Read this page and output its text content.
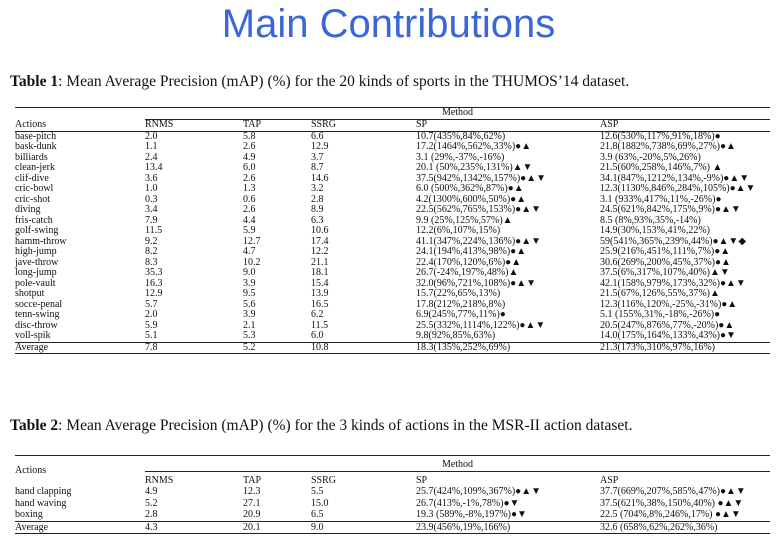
Main Contributions
Table 1: Mean Average Precision (mAP) (%) for the 20 kinds of sports in the THUMOS’14 dataset.
	Method				
Actions	RNMS	TAP	SSRG	SP	ASP
base-pitch	2.0	5.8	6.6	10.7(435%,84%,62%)	12.6(530%,117%,91%,18%)●
bask-dunk	1.1	2.6	12.9	17.2(1464%,562%,33%)●▲	21.8(1882%,738%,69%,27%)●▲
billiards	2.4	4.9	3.7	3.1 (29%,-37%,-16%)	3.9 (63%,-20%,5%,26%)
clean-jerk	13.4	6.0	8.7	20.1 (50%,235%,131%)▲▼	21.5(60%,258%,146%,7%) ▲
clif-dive	3.6	2.6	14.6	37.5(942%,1342%,157%)●▲▼	34.1(847%,1212%,134%,-9%)●▲▼
cric-bowl	1.0	1.3	3.2	6.0 (500%,362%,87%)●▲	12.3(1130%,846%,284%,105%)●▲▼
cric-shot	0.3	0.6	2.8	4.2(1300%,600%,50%)●▲	3.1 (933%,417%,11%,-26%)●
diving	3.4	2.6	8.9	22.5(562%,765%,153%)●▲▼	24.5(621%,842%,175%,9%)●▲▼
fris-catch	7.9	4.4	6.3	9.9 (25%,125%,57%)▲	8.5 (8%,93%,35%,-14%)
golf-swing	11.5	5.9	10.6	12.2(6%,107%,15%)	14.9(30%,153%,41%,22%)
hamm-throw	9.2	12.7	17.4	41.1(347%,224%,136%)●▲▼	59(541%,365%,239%,44%)●▲▼◆
high-jump	8.2	4.7	12.2	24.1(194%,413%,98%)●▲	25.9(216%,451%,111%,7%)●▲
jave-throw	8.3	10.2	21.1	22.4(170%,120%,6%)●▲	30.6(269%,200%,45%,37%)●▲
long-jump	35.3	9.0	18.1	26.7(-24%,197%,48%)▲	37.5(6%,317%,107%,40%)▲▼
pole-vault	16.3	3.9	15.4	32.0(96%,721%,108%)●▲▼	42.1(158%,979%,173%,32%)●▲▼
shotput	12.9	9.5	13.9	15.7(22%,65%,13%)	21.5(67%,126%,55%,37%)▲
socce-penal	5.7	5.6	16.5	17.8(212%,218%,8%)	12.3(116%,120%,-25%,-31%)●▲
tenn-swing	2.0	3.9	6.2	6.9(245%,77%,11%)●	5.1 (155%,31%,-18%,-26%)●
disc-throw	5.9	2.1	11.5	25.5(332%,1114%,122%)●▲▼	20.5(247%,876%,77%,-20%)●▲
voll-spik	5.1	5.3	6.0	9.8(92%,85%,63%)	14.0(175%,164%,133%,43%)●▼
Average	7.8	5.2	10.8	18.3(135%,252%,69%)	21.3(173%,310%,97%,16%)
Table 2: Mean Average Precision (mAP) (%) for the 3 kinds of actions in the MSR-II action dataset.
Actions	Method				
	RNMS	TAP	SSRG	SP	ASP
hand clapping	4.9	12.3	5.5	25.7(424%,109%,367%)●▲▼	37.7(669%,207%,585%,47%)●▲▼
hand waving	5.2	27.1	15.0	26.7(413%,-1%,78%)●▼	37.5(621%,38%,150%,40%) ●▲▼
boxing	2.8	20.9	6.5	19.3 (589%,-8%,197%)●▼	22.5 (704%,8%,246%,17%) ●▲▼
Average	4.3	20.1	9.0	23.9(456%,19%,166%)	32.6 (658%,62%,262%,36%)
